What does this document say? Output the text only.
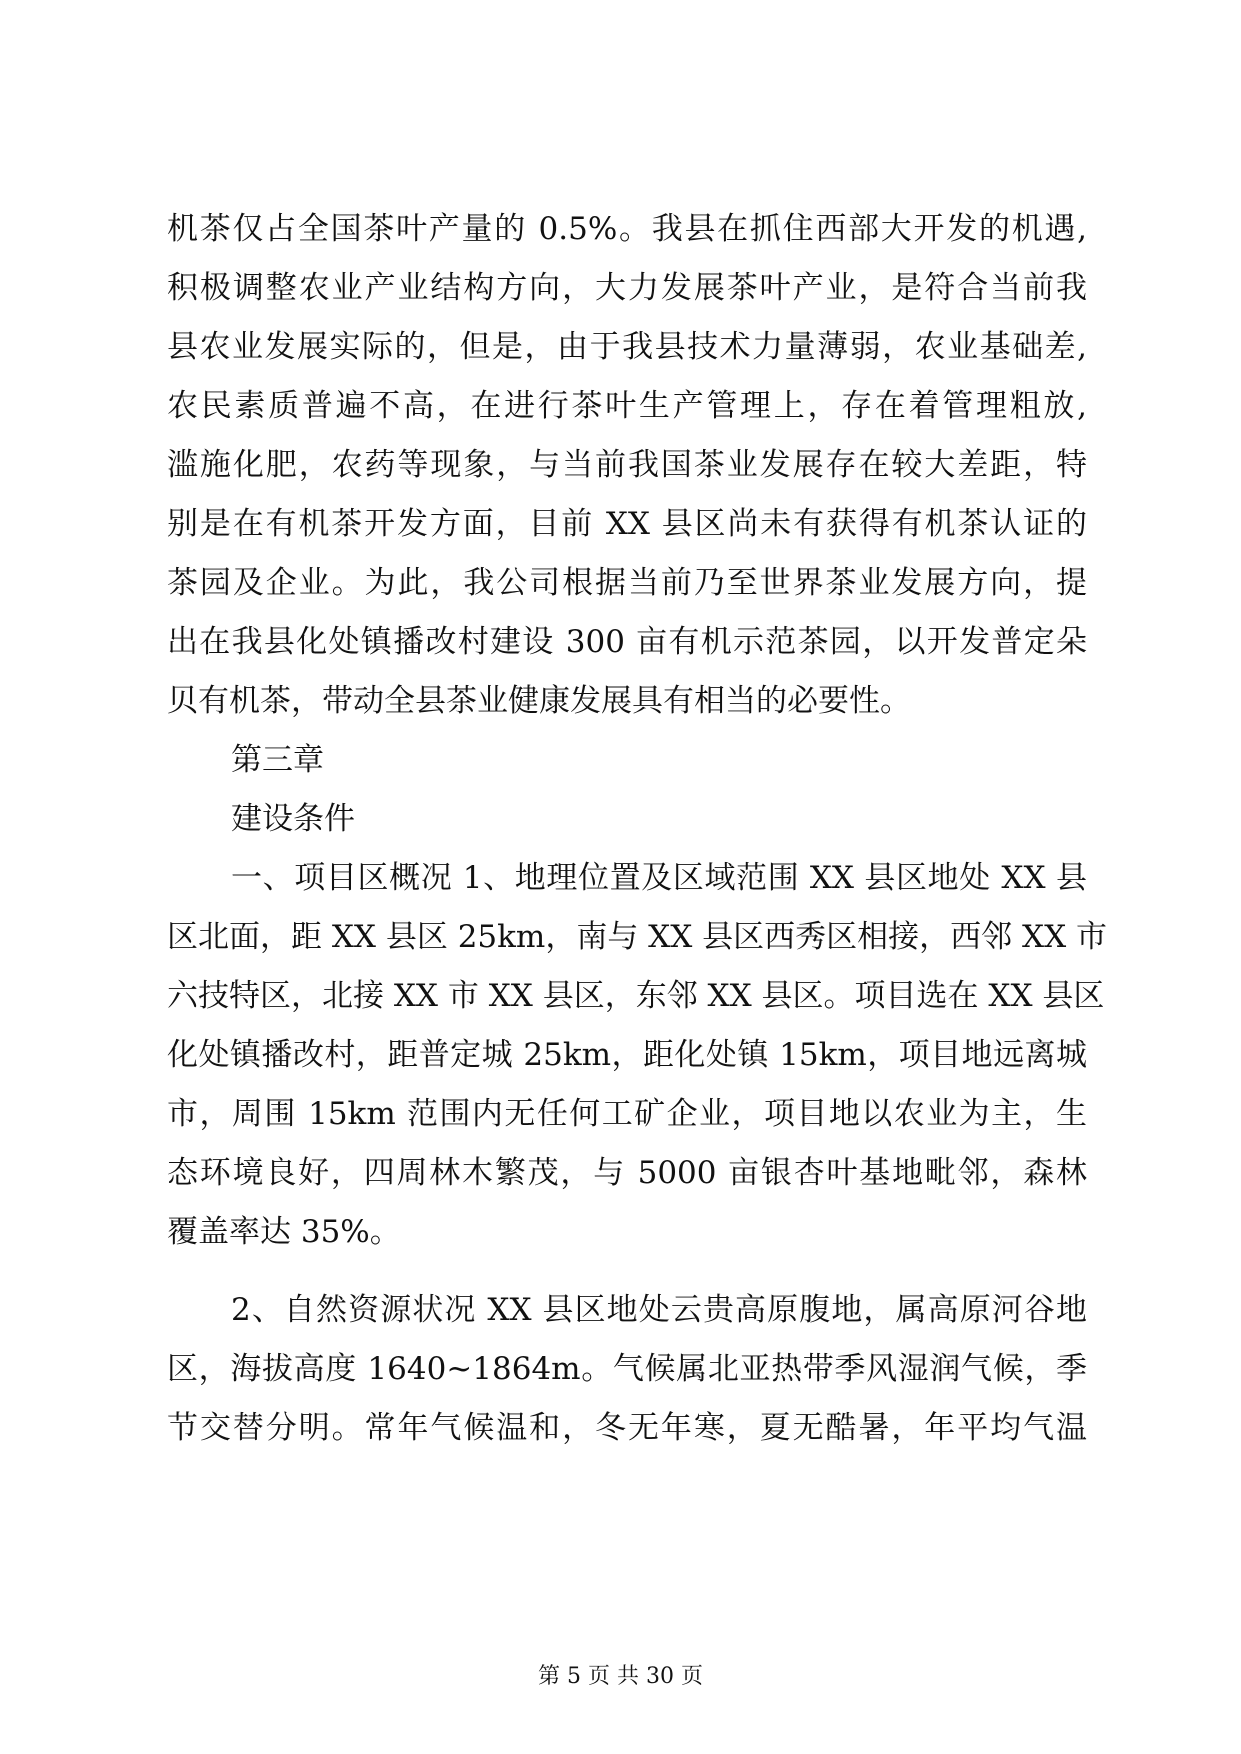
机茶仅占全国茶叶产量的 0.5%。我县在抓住西部大开发的机遇,
积极调整农业产业结构方向，大力发展茶叶产业，是符合当前我
县农业发展实际的，但是，由于我县技术力量薄弱，农业基础差,
农民素质普遍不高，在进行茶叶生产管理上，存在着管理粗放,
滥施化肥，农药等现象，与当前我国茶业发展存在较大差距，特
别是在有机茶开发方面，目前 XX 县区尚未有获得有机茶认证的
茶园及企业。为此，我公司根据当前乃至世界茶业发展方向，提
出在我县化处镇播改村建设 300 亩有机示范茶园，以开发普定朵
贝有机茶，带动全县茶业健康发展具有相当的必要性。
第三章
建设条件
一、项目区概况 1、地理位置及区域范围 XX 县区地处 XX 县
区北面，距 XX 县区 25km，南与 XX 县区西秀区相接，西邻 XX 市
六技特区，北接 XX 市 XX 县区，东邻 XX 县区。项目选在 XX 县区
化处镇播改村，距普定城 25km，距化处镇 15km，项目地远离城
市，周围 15km 范围内无任何工矿企业，项目地以农业为主，生
态环境良好，四周林木繁茂，与 5000 亩银杏叶基地毗邻，森林
覆盖率达 35%。
2、自然资源状况 XX 县区地处云贵高原腹地，属高原河谷地
区，海拔高度 1640~1864m。气候属北亚热带季风湿润气候，季
节交替分明。常年气候温和，冬无年寒，夏无酷暑，年平均气温
第 5 页 共 30 页
